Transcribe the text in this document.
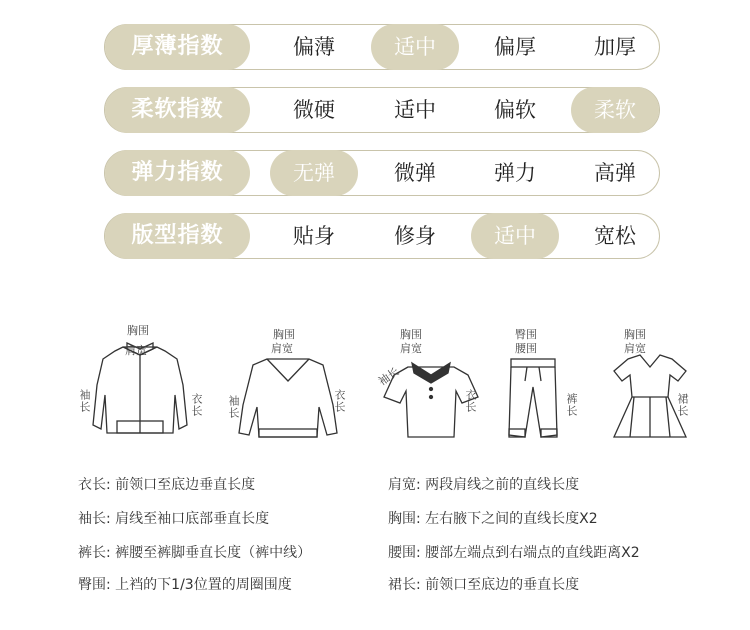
厚薄指数	偏薄	适中	偏厚	加厚
柔软指数	微硬	适中	偏软	柔软
弹力指数	无弹	微弹	弹力	高弹
版型指数	贴身	修身	适中	宽松
胸围
肩宽
袖长	衣长
胸围
肩宽
袖长	衣长
胸围
肩宽
袖长
衣长
臀围
腰围
裤长
胸围
肩宽
裙长
衣长: 前领口至底边垂直长度
袖长: 肩线至袖口底部垂直长度
裤长: 裤腰至裤脚垂直长度（裤中线）
臀围: 上裆的下1/3位置的周圈围度
肩宽: 两段肩线之前的直线长度
胸围: 左右腋下之间的直线长度X2
腰围: 腰部左端点到右端点的直线距离X2
裙长: 前领口至底边的垂直长度
